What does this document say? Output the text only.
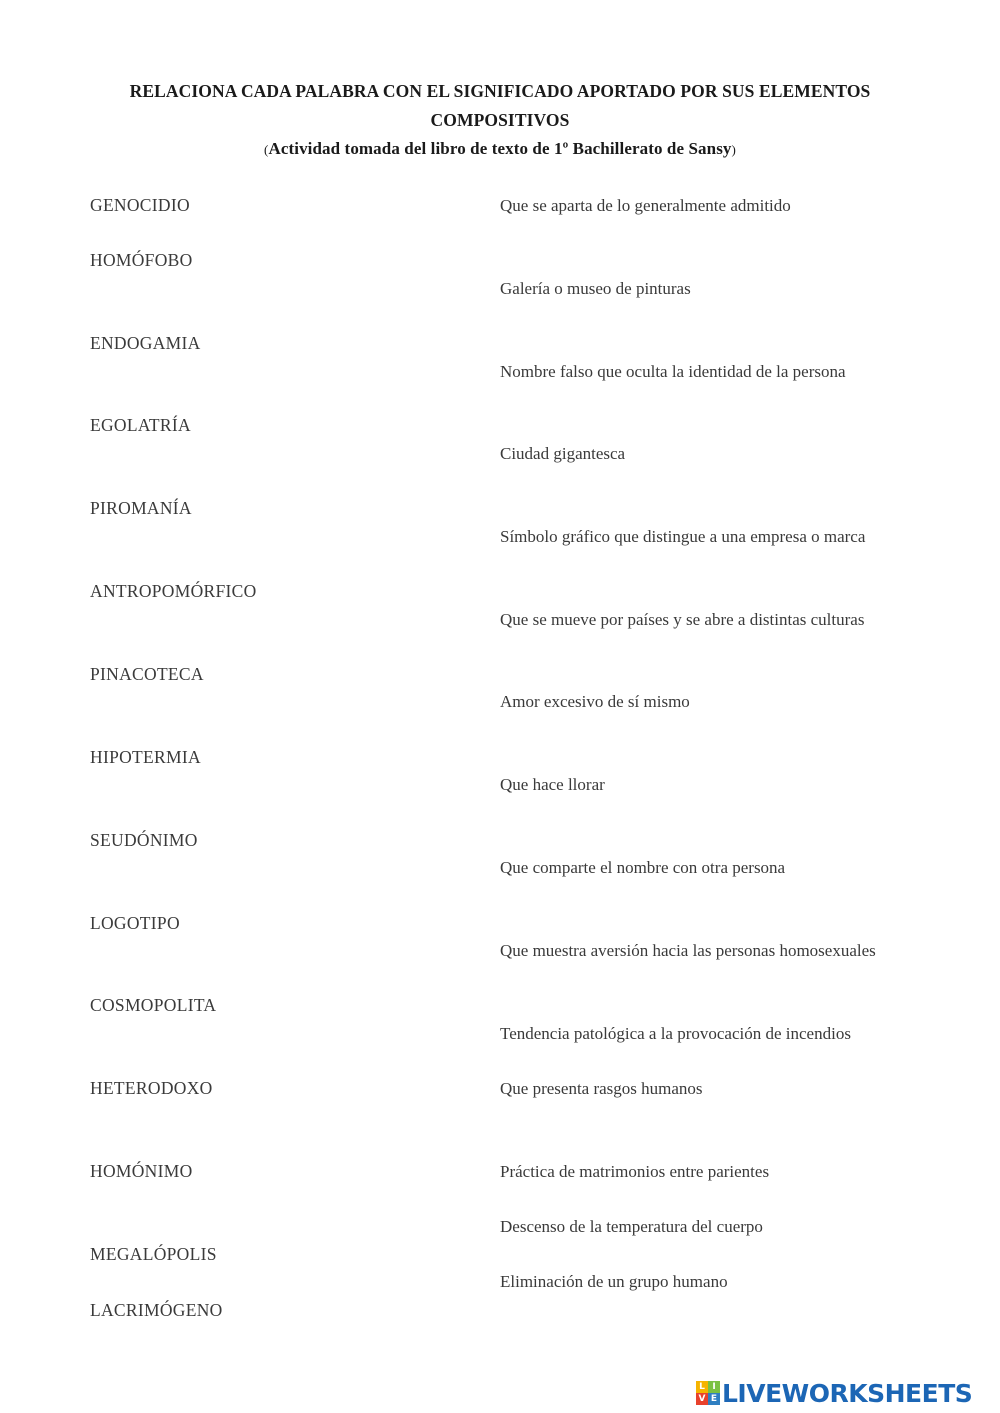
RELACIONA CADA PALABRA CON EL SIGNIFICADO APORTADO POR SUS ELEMENTOS
COMPOSITIVOS
(Actividad tomada del libro de texto de 1º Bachillerato de Sansy)
GENOCIDIO
HOMÓFOBO
ENDOGAMIA
EGOLATRÍA
PIROMANÍA
ANTROPOMÓRFICO
PINACOTECA
HIPOTERMIA
SEUDÓNIMO
LOGOTIPO
COSMOPOLITA
HETERODOXO
HOMÓNIMO
MEGALÓPOLIS
LACRIMÓGENO
Que se aparta de lo generalmente admitido
Galería o museo de pinturas
Nombre falso que oculta la identidad de la persona
Ciudad gigantesca
Símbolo gráfico que distingue a una empresa o marca
Que se mueve por países y se abre a distintas culturas
Amor excesivo de sí mismo
Que hace llorar
Que comparte el nombre con otra persona
Que muestra aversión hacia las personas homosexuales
Tendencia patológica a la provocación de incendios
Que presenta rasgos humanos
Práctica de matrimonios entre parientes
Descenso de la temperatura del cuerpo
Eliminación de un grupo humano
L I
V E LIVEWORKSHEETS
